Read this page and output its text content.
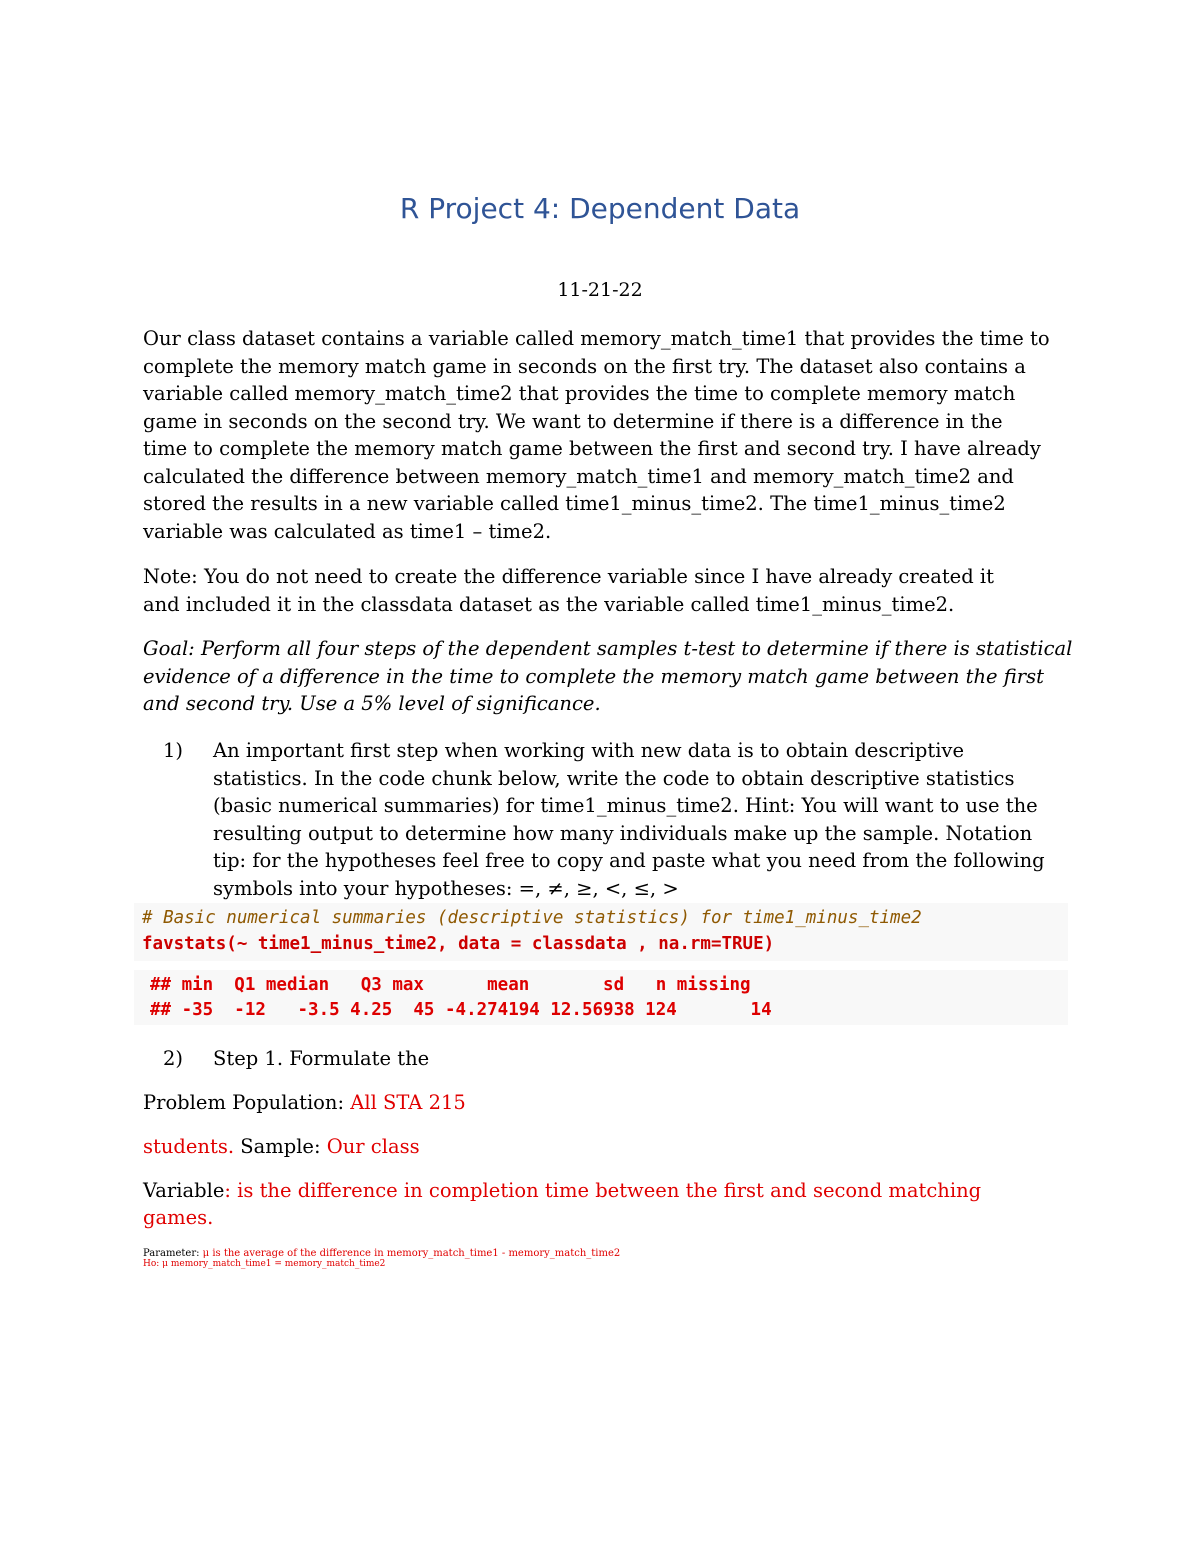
R Project 4: Dependent Data
11-21-22
Our class dataset contains a variable called memory_match_time1 that provides the time to
complete the memory match game in seconds on the first try. The dataset also contains a
variable called memory_match_time2 that provides the time to complete memory match
game in seconds on the second try. We want to determine if there is a difference in the
time to complete the memory match game between the first and second try. I have already
calculated the difference between memory_match_time1 and memory_match_time2 and
stored the results in a new variable called time1_minus_time2. The time1_minus_time2
variable was calculated as time1 – time2.
Note: You do not need to create the difference variable since I have already created it
and included it in the classdata dataset as the variable called time1_minus_time2.
Goal: Perform all four steps of the dependent samples t-test to determine if there is statistical
evidence of a difference in the time to complete the memory match game between the first
and second try. Use a 5% level of significance.
1)	An important first step when working with new data is to obtain descriptive
statistics. In the code chunk below, write the code to obtain descriptive statistics
(basic numerical summaries) for time1_minus_time2. Hint: You will want to use the
resulting output to determine how many individuals make up the sample. Notation
tip: for the hypotheses feel free to copy and paste what you need from the following
symbols into your hypotheses: =, ≠, ≥, <, ≤, >
# Basic numerical summaries (descriptive statistics) for time1_minus_time2
favstats(~ time1_minus_time2, data = classdata , na.rm=TRUE)
## min  Q1 median   Q3 max      mean       sd   n missing
## -35  -12   -3.5 4.25  45 -4.274194 12.56938 124       14
2)	Step 1. Formulate the
Problem Population: All STA 215
students. Sample: Our class
Variable: is the difference in completion time between the first and second matching
games.
Parameter: μ is the average of the difference in memory_match_time1 - memory_match_time2
Ho: μ memory_match_time1 = memory_match_time2
